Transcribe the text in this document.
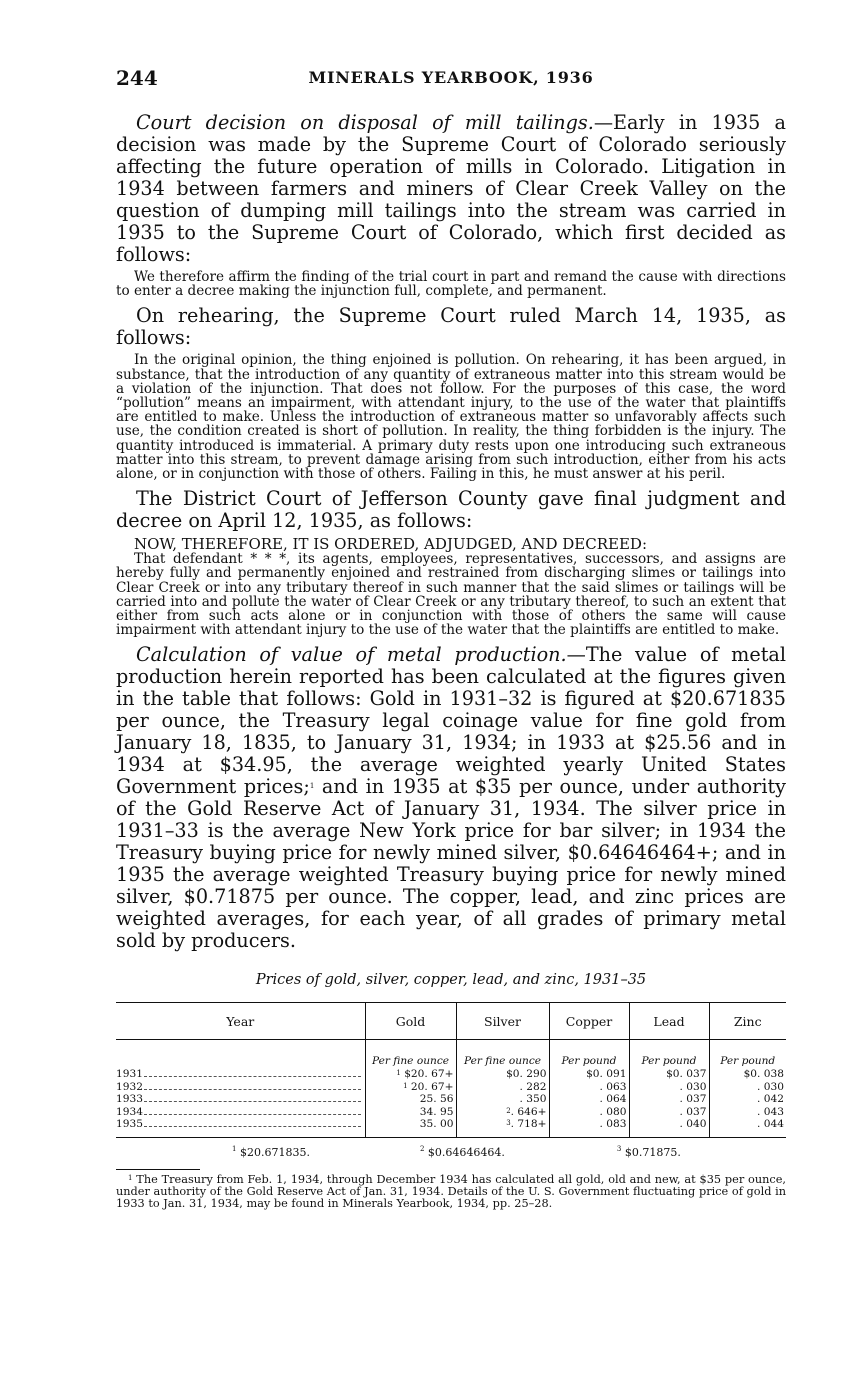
244	MINERALS YEARBOOK, 1936

Court decision on disposal of mill tailings.—Early in 1935 a decision was made by the Supreme Court of Colorado seriously affecting the future operation of mills in Colorado. Litigation in 1934 between farmers and miners of Clear Creek Valley on the question of dumping mill tailings into the stream was carried in 1935 to the Supreme Court of Colorado, which first decided as follows:

We therefore affirm the finding of the trial court in part and remand the cause with directions to enter a decree making the injunction full, complete, and permanent.

On rehearing, the Supreme Court ruled March 14, 1935, as follows:

In the original opinion, the thing enjoined is pollution. On rehearing, it has been argued, in substance, that the introduction of any quantity of extraneous matter into this stream would be a violation of the injunction. That does not follow. For the purposes of this case, the word “pollution” means an impairment, with attendant injury, to the use of the water that plaintiffs are entitled to make. Unless the introduction of extraneous matter so unfavorably affects such use, the condition created is short of pollution. In reality, the thing forbidden is the injury. The quantity introduced is immaterial. A primary duty rests upon one introducing such extraneous matter into this stream, to prevent damage arising from such introduction, either from his acts alone, or in conjunction with those of others. Failing in this, he must answer at his peril.

The District Court of Jefferson County gave final judgment and decree on April 12, 1935, as follows:

NOW, THEREFORE, IT IS ORDERED, ADJUDGED, AND DECREED:

That defendant * * *, its agents, employees, representatives, successors, and assigns are hereby fully and permanently enjoined and restrained from discharging slimes or tailings into Clear Creek or into any tributary thereof in such manner that the said slimes or tailings will be carried into and pollute the water of Clear Creek or any tributary thereof, to such an extent that either from such acts alone or in conjunction with those of others the same will cause impairment with attendant injury to the use of the water that the plaintiffs are entitled to make.

Calculation of value of metal production.—The value of metal production herein reported has been calculated at the figures given in the table that follows: Gold in 1931–32 is figured at $20.671835 per ounce, the Treasury legal coinage value for fine gold from January 18, 1835, to January 31, 1934; in 1933 at $25.56 and in 1934 at $34.95, the average weighted yearly United States Government prices;$^1$ and in 1935 at $35 per ounce, under authority of the Gold Reserve Act of January 31, 1934. The silver price in 1931–33 is the average New York price for bar silver; in 1934 the Treasury buying price for newly mined silver, $0.64646464+; and in 1935 the average weighted Treasury buying price for newly mined silver, $0.71875 per ounce. The copper, lead, and zinc prices are weighted averages, for each year, of all grades of primary metal sold by producers.

Prices of gold, silver, copper, lead, and zinc, 1931–35
Year	Gold	Silver	Copper	Lead	Zinc
	Per fine ounce	Per fine ounce	Per pound	Per pound	Per pound

1931	$^1$ $20. 67+	$0. 290	$0. 091	$0. 037	$0. 038

1932	$^1$ 20. 67+	. 282	. 063	. 030	. 030

1933	25. 56	. 350	. 064	. 037	. 042

1934	34. 95	$^2$. 646+	. 080	. 037	. 043

1935	35. 00	$^3$. 718+	. 083	. 040	. 044
$^1$ $20.671835.	$^2$ $0.64646464.	$^3$ $0.71875.

$^1$ The Treasury from Feb. 1, 1934, through December 1934 has calculated all gold, old and new, at $35 per ounce, under authority of the Gold Reserve Act of Jan. 31, 1934. Details of the U. S. Government fluctuating price of gold in 1933 to Jan. 31, 1934, may be found in Minerals Yearbook, 1934, pp. 25–28.
